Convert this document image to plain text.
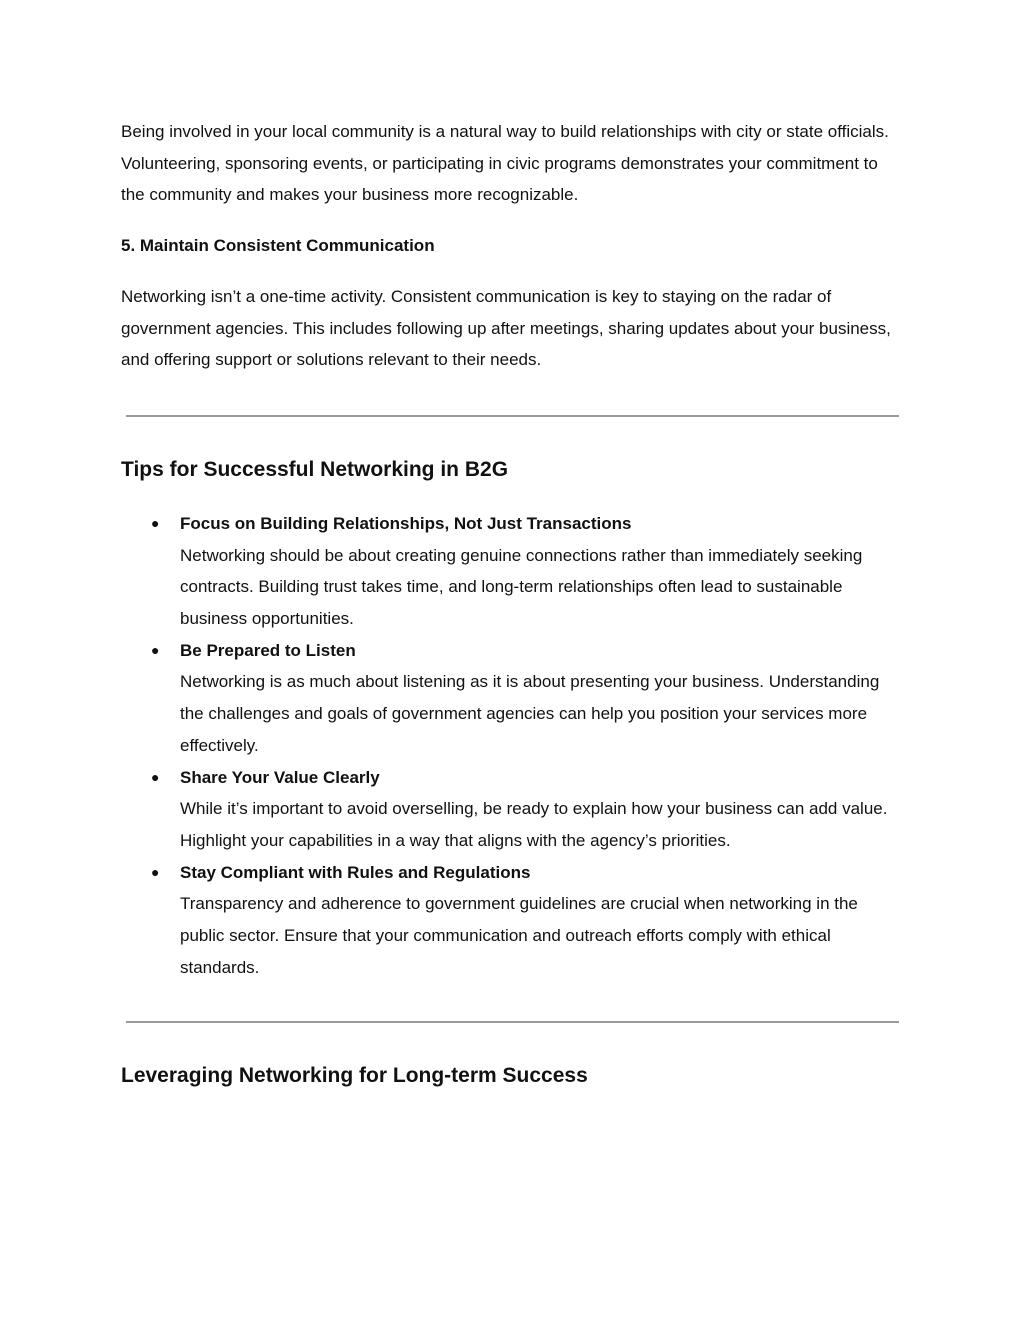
Being involved in your local community is a natural way to build relationships with city or state officials. Volunteering, sponsoring events, or participating in civic programs demonstrates your commitment to the community and makes your business more recognizable.

5. Maintain Consistent Communication

Networking isn’t a one-time activity. Consistent communication is key to staying on the radar of government agencies. This includes following up after meetings, sharing updates about your business, and offering support or solutions relevant to their needs.

Tips for Successful Networking in B2G
● Focus on Building Relationships, Not Just Transactions
Networking should be about creating genuine connections rather than immediately seeking contracts. Building trust takes time, and long-term relationships often lead to sustainable business opportunities.
● Be Prepared to Listen
Networking is as much about listening as it is about presenting your business. Understanding the challenges and goals of government agencies can help you position your services more effectively.
● Share Your Value Clearly
While it’s important to avoid overselling, be ready to explain how your business can add value. Highlight your capabilities in a way that aligns with the agency’s priorities.
● Stay Compliant with Rules and Regulations
Transparency and adherence to government guidelines are crucial when networking in the public sector. Ensure that your communication and outreach efforts comply with ethical standards.
Leveraging Networking for Long-term Success
